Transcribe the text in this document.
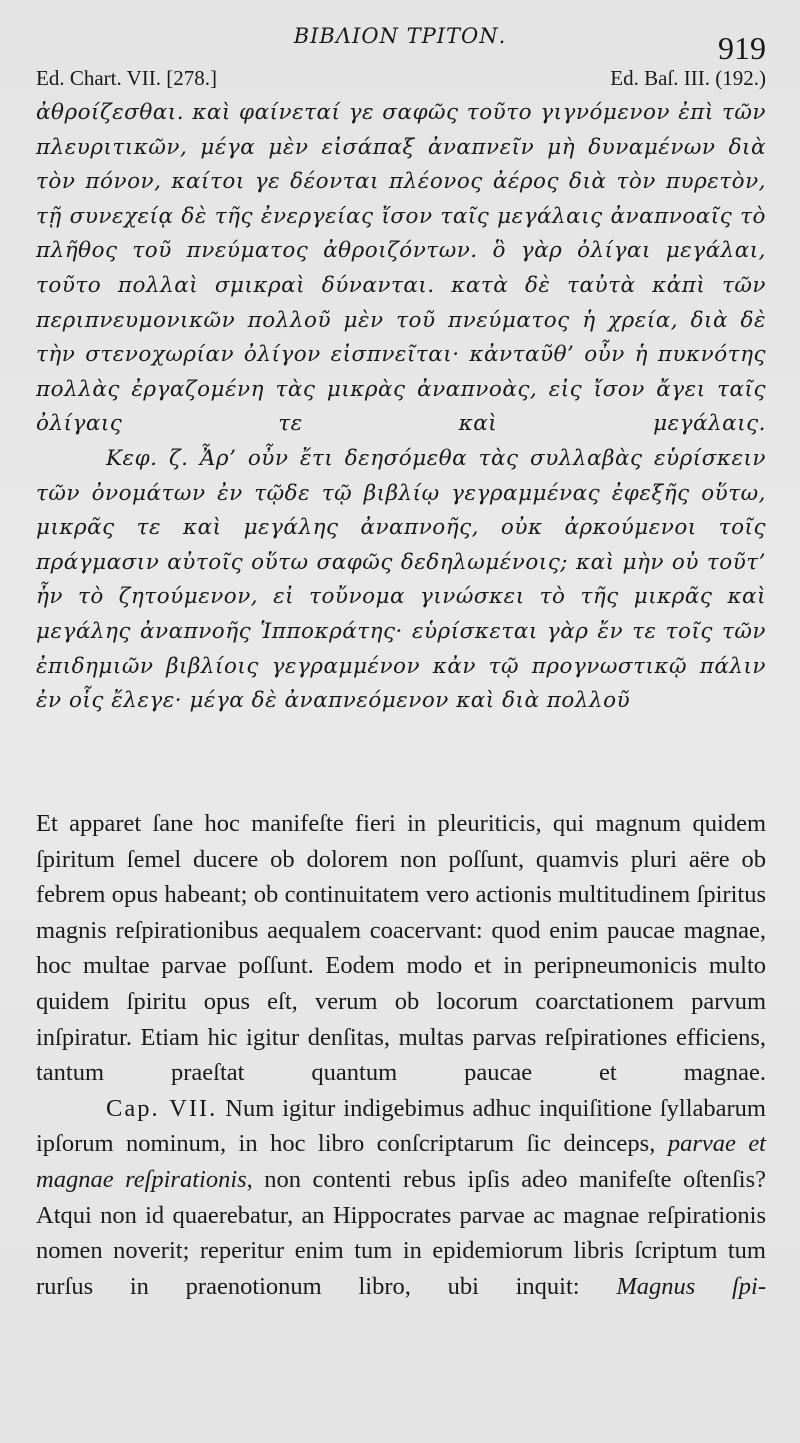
ΒΙΒΛΙΟΝ ΤΡΙΤΟΝ.	919
Ed. Chart. VII. [278.]	Ed. Baſ. III. (192.)

ἀθροίζεσθαι. καὶ φαίνεταί γε σαφῶς τοῦτο γιγνόμενον ἐπὶ τῶν πλευριτικῶν, μέγα μὲν εἰσάπαξ ἀναπνεῖν μὴ δυναμένων διὰ τὸν πόνον, καίτοι γε δέονται πλέονος ἀέρος διὰ τὸν πυρετὸν, τῇ συνεχείᾳ δὲ τῆς ἐνεργείας ἴσον ταῖς μεγάλαις ἀναπνοαῖς τὸ πλῆθος τοῦ πνεύματος ἀθροιζόντων. ὃ γὰρ ὀλίγαι μεγάλαι, τοῦτο πολλαὶ σμικραὶ δύνανται. κατὰ δὲ ταὐτὰ κἀπὶ τῶν περιπνευμονικῶν πολλοῦ μὲν τοῦ πνεύματος ἡ χρεία, διὰ δὲ τὴν στενοχωρίαν ὀλίγον εἰσπνεῖται· κἀνταῦθ’ οὖν ἡ πυκνότης πολλὰς ἐργαζομένη τὰς μικρὰς ἀναπνοὰς, εἰς ἴσον ἄγει ταῖς ὀλίγαις τε καὶ μεγάλαις.

Κεφ. ζ. Ἆρ’ οὖν ἔτι δεησόμεθα τὰς συλλαβὰς εὑρίσκειν τῶν ὀνομάτων ἐν τῷδε τῷ βιβλίῳ γεγραμμένας ἐφεξῆς οὕτω, μικρᾶς τε καὶ μεγάλης ἀναπνοῆς, οὐκ ἀρκούμενοι τοῖς πράγμασιν αὐτοῖς οὕτω σαφῶς δεδηλωμένοις; καὶ μὴν οὐ τοῦτ’ ἦν τὸ ζητούμενον, εἰ τοὔνομα γινώσκει τὸ τῆς μικρᾶς καὶ μεγάλης ἀναπνοῆς Ἱπποκράτης· εὑρίσκεται γὰρ ἔν τε τοῖς τῶν ἐπιδημιῶν βιβλίοις γεγραμμένον κἀν τῷ προγνωστικῷ πάλιν ἐν οἷς ἔλεγε· μέγα δὲ ἀναπνεόμενον καὶ διὰ πολλοῦ

Et apparet ſane hoc manifeſte fieri in pleuriticis, qui magnum quidem ſpiritum ſemel ducere ob dolorem non poſſunt, quamvis pluri aëre ob febrem opus habeant; ob continuitatem vero actionis multitudinem ſpiritus magnis reſpirationibus aequalem coacervant: quod enim paucae magnae, hoc multae parvae poſſunt. Eodem modo et in peripneumonicis multo quidem ſpiritu opus eſt, verum ob locorum coarctationem parvum inſpiratur. Etiam hic igitur denſitas, multas parvas reſpirationes efficiens, tantum praeſtat quantum paucae et magnae.

Cap. VII. Num igitur indigebimus adhuc inquiſitione ſyllabarum ipſorum nominum, in hoc libro conſcriptarum ſic deinceps, parvae et magnae reſpirationis, non contenti rebus ipſis adeo manifeſte oſtenſis? Atqui non id quaerebatur, an Hippocrates parvae ac magnae reſpirationis nomen noverit; reperitur enim tum in epidemiorum libris ſcriptum tum rurſus in praenotionum libro, ubi inquit: Magnus ſpi-
